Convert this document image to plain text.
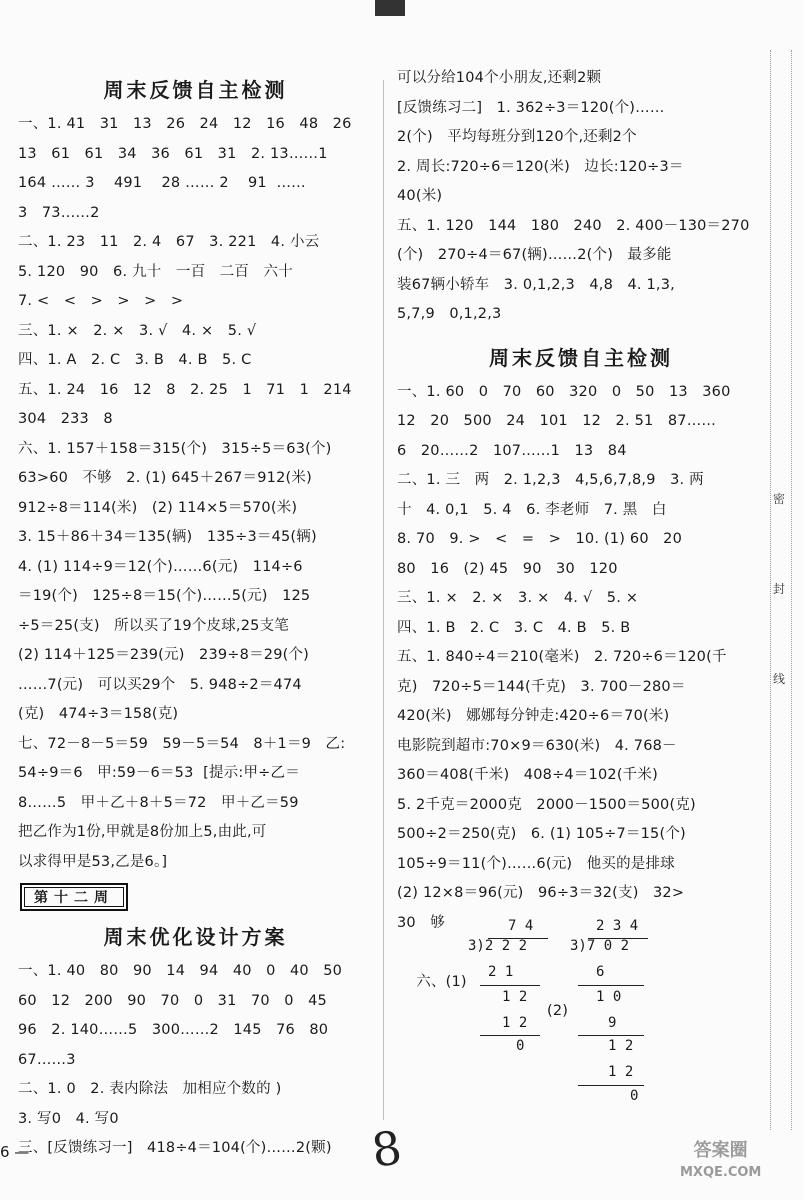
周末反馈自主检测
一、1. 41   31   13   26   24   12   16   48   26
13   61   61   34   36   61   31   2. 13……1
164 …… 3    491    28 …… 2    91  ……
3   73……2
二、1. 23   11   2. 4   67   3. 221   4. 小云
5. 120   90   6. 九十   一百   二百   六十
7. <   <   >   >   >   >
三、1. ×   2. ×   3. √   4. ×   5. √
四、1. A   2. C   3. B   4. B   5. C
五、1. 24   16   12   8   2. 25   1   71   1   214
304   233   8
六、1. 157＋158＝315(个)   315÷5＝63(个)
63>60   不够   2. (1) 645＋267＝912(米)
912÷8＝114(米)   (2) 114×5＝570(米)
3. 15＋86＋34＝135(辆)   135÷3＝45(辆)
4. (1) 114÷9＝12(个)……6(元)   114÷6
＝19(个)   125÷8＝15(个)……5(元)   125
÷5＝25(支)   所以买了19个皮球,25支笔
(2) 114＋125＝239(元)   239÷8＝29(个)
……7(元)   可以买29个   5. 948÷2＝474
(克)   474÷3＝158(克)
七、72－8－5＝59   59－5＝54   8＋1＝9   乙:
54÷9＝6   甲:59－6＝53  [提示:甲÷乙＝
8……5   甲＋乙＋8＋5＝72   甲＋乙＝59
把乙作为1份,甲就是8份加上5,由此,可
以求得甲是53,乙是6。]
第十二周
周末优化设计方案
一、1. 40   80   90   14   94   40   0   40   50
60   12   200   90   70   0   31   70   0   45
96   2. 140……5   300……2   145   76   80
67……3
二、1. 0   2. 表内除法   加相应个数的 )
3. 写0   4. 写0
三、[反馈练习一]   418÷4＝104(个)……2(颗)
可以分给104个小朋友,还剩2颗
[反馈练习二]   1. 362÷3＝120(个)……
2(个)   平均每班分到120个,还剩2个
2. 周长:720÷6＝120(米)   边长:120÷3＝
40(米)
五、1. 120   144   180   240   2. 400－130＝270
(个)   270÷4＝67(辆)……2(个)   最多能
装67辆小轿车   3. 0,1,2,3   4,8   4. 1,3,
5,7,9   0,1,2,3
周末反馈自主检测
一、1. 60   0   70   60   320   0   50   13   360
12   20   500   24   101   12   2. 51   87……
6   20……2   107……1   13   84
二、1. 三   两   2. 1,2,3   4,5,6,7,8,9   3. 两
十   4. 0,1   5. 4   6. 李老师   7. 黑   白
8. 70   9. >   <   =   >   10. (1) 60   20
80   16   (2) 45   90   30   120
三、1. ×   2. ×   3. ×   4. √   5. ×
四、1. B   2. C   3. C   4. B   5. B
五、1. 840÷4＝210(毫米)   2. 720÷6＝120(千
克)   720÷5＝144(千克)   3. 700－280＝
420(米)   娜娜每分钟走:420÷6＝70(米)
电影院到超市:70×9＝630(米)   4. 768－
360＝408(千米)   408÷4＝102(千米)
5. 2千克＝2000克   2000－1500＝500(克)
500÷2＝250(克)   6. (1) 105÷7＝15(个)
105÷9＝11(个)……6(元)   他买的是排球
(2) 12×8＝96(元)   96÷3＝32(支)   32>
30   够

六、(1)

(2)

7 4
3)2 2 2
2 1
1 2
1 2
0
2 3 4
3)7 0 2
6
1 0
9
1 2
1 2
0
密
封
线
6 —	8	答案圈
MXQE.COM
